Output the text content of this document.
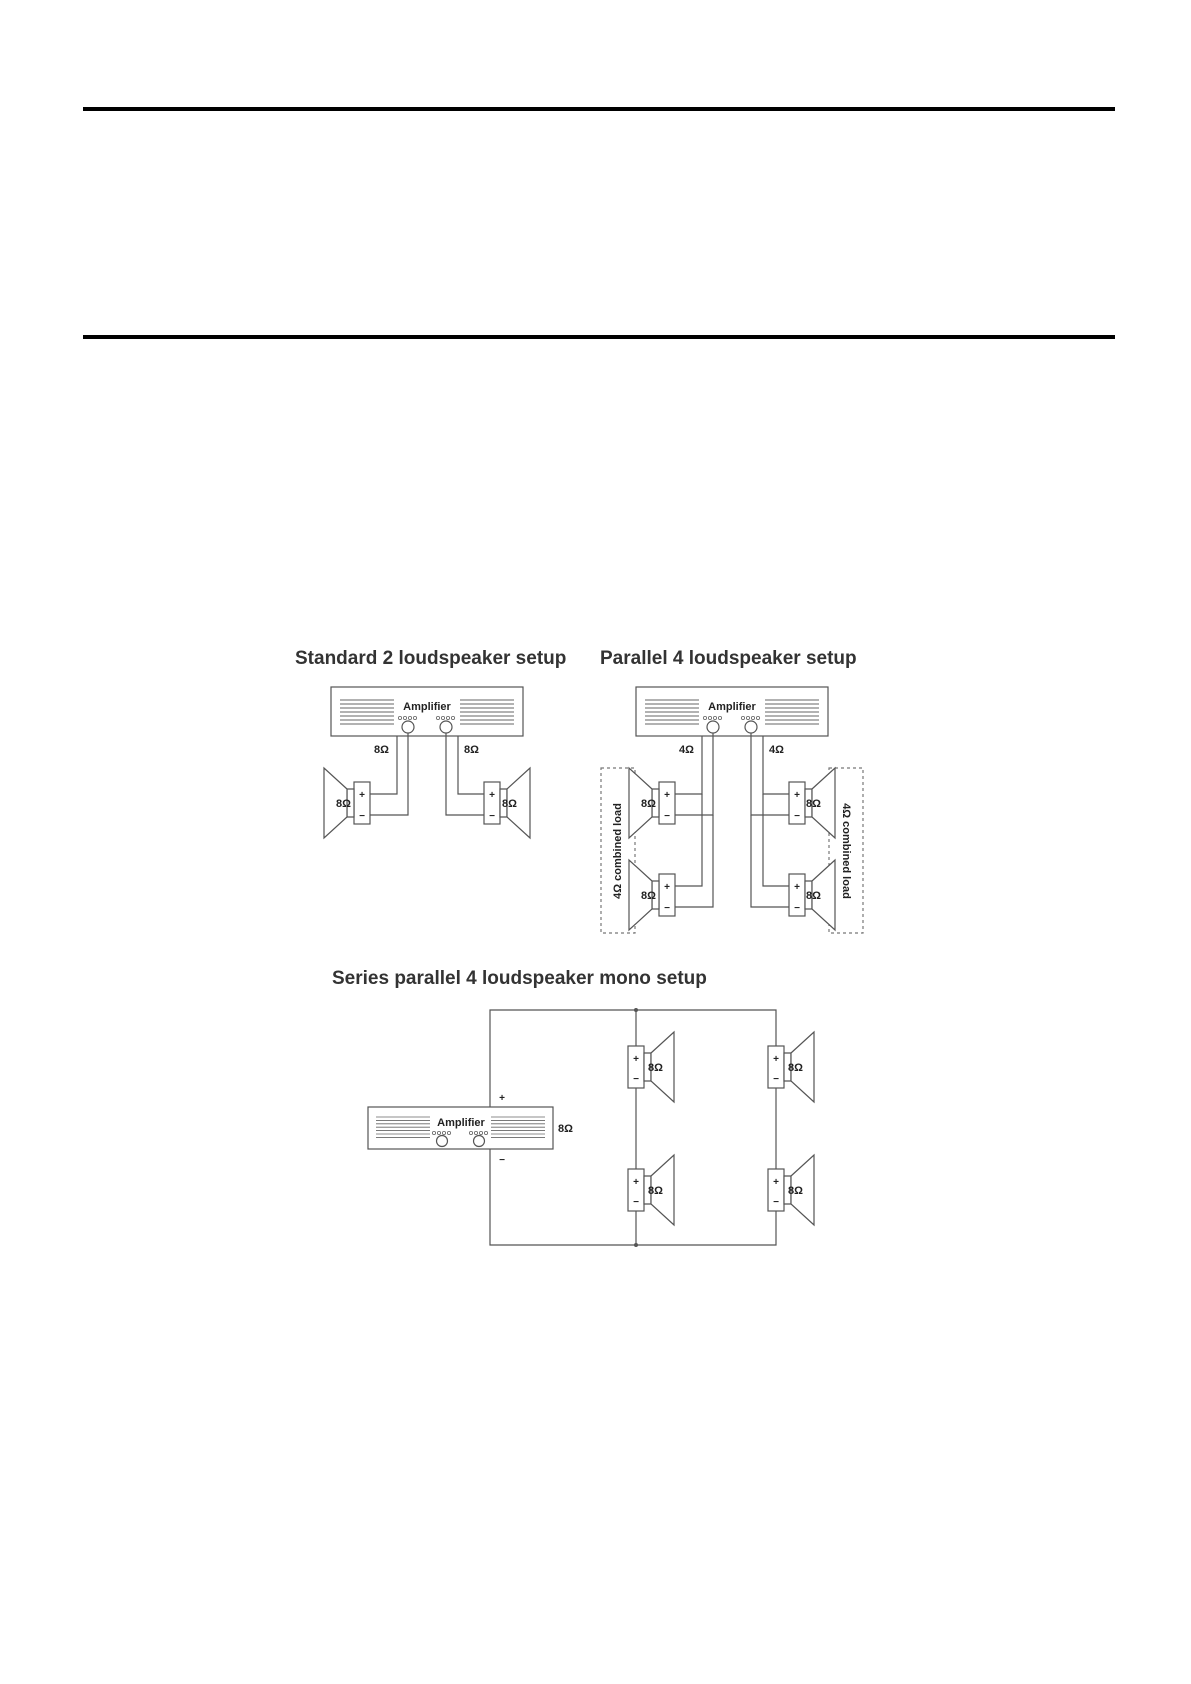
Standard 2 loudspeaker setup
Amplifier
8Ω	8Ω
+
−
8Ω
+
−
8Ω
Parallel 4 loudspeaker setup
Amplifier
4Ω	4Ω
4Ω combined load	4Ω combined load
+
−
8Ω
+
−
8Ω
+
−
8Ω
+
−
8Ω
Series parallel 4 loudspeaker mono setup
Amplifier
+
−
8Ω
+
−
8Ω
+
−
8Ω
+
−
8Ω
+
−
8Ω
